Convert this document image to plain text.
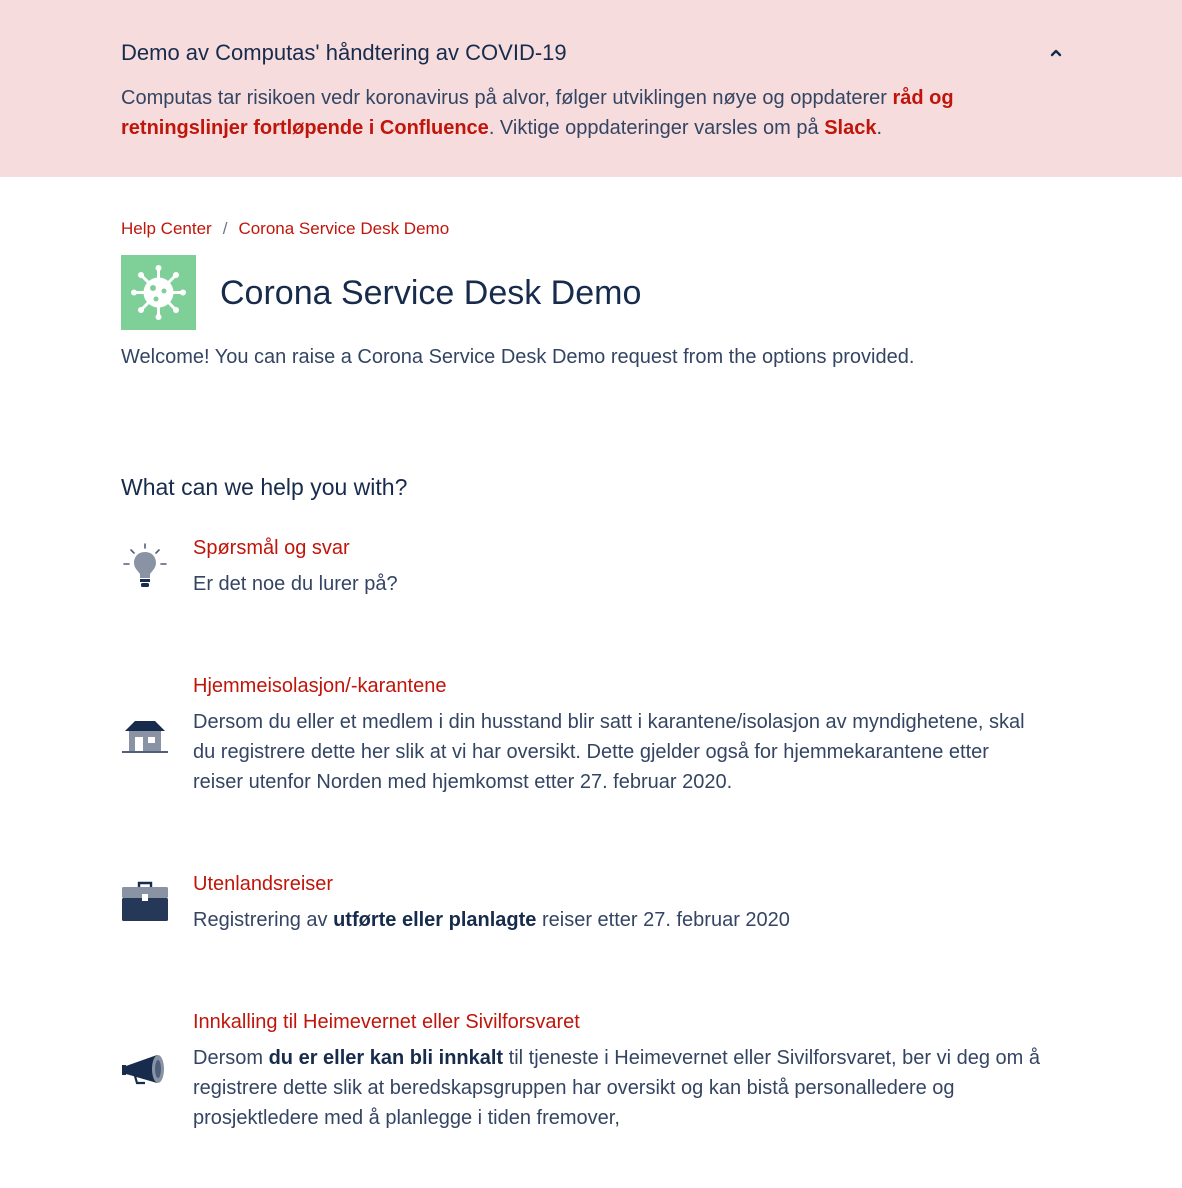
Demo av Computas' håndtering av COVID-19
Computas tar risikoen vedr koronavirus på alvor, følger utviklingen nøye og oppdaterer råd og retningslinjer fortløpende i Confluence. Viktige oppdateringer varsles om på Slack.
Help Center / Corona Service Desk Demo
Corona Service Desk Demo
Welcome! You can raise a Corona Service Desk Demo request from the options provided.
What can we help you with?
Spørsmål og svar
Er det noe du lurer på?
Hjemmeisolasjon/-karantene
Dersom du eller et medlem i din husstand blir satt i karantene/isolasjon av myndighetene, skal du registrere dette her slik at vi har oversikt. Dette gjelder også for hjemmekarantene etter reiser utenfor Norden med hjemkomst etter 27. februar 2020.
Utenlandsreiser
Registrering av utførte eller planlagte reiser etter 27. februar 2020
Innkalling til Heimevernet eller Sivilforsvaret
Dersom du er eller kan bli innkalt til tjeneste i Heimevernet eller Sivilforsvaret, ber vi deg om å registrere dette slik at beredskapsgruppen har oversikt og kan bistå personalledere og prosjektledere med å planlegge i tiden fremover,
